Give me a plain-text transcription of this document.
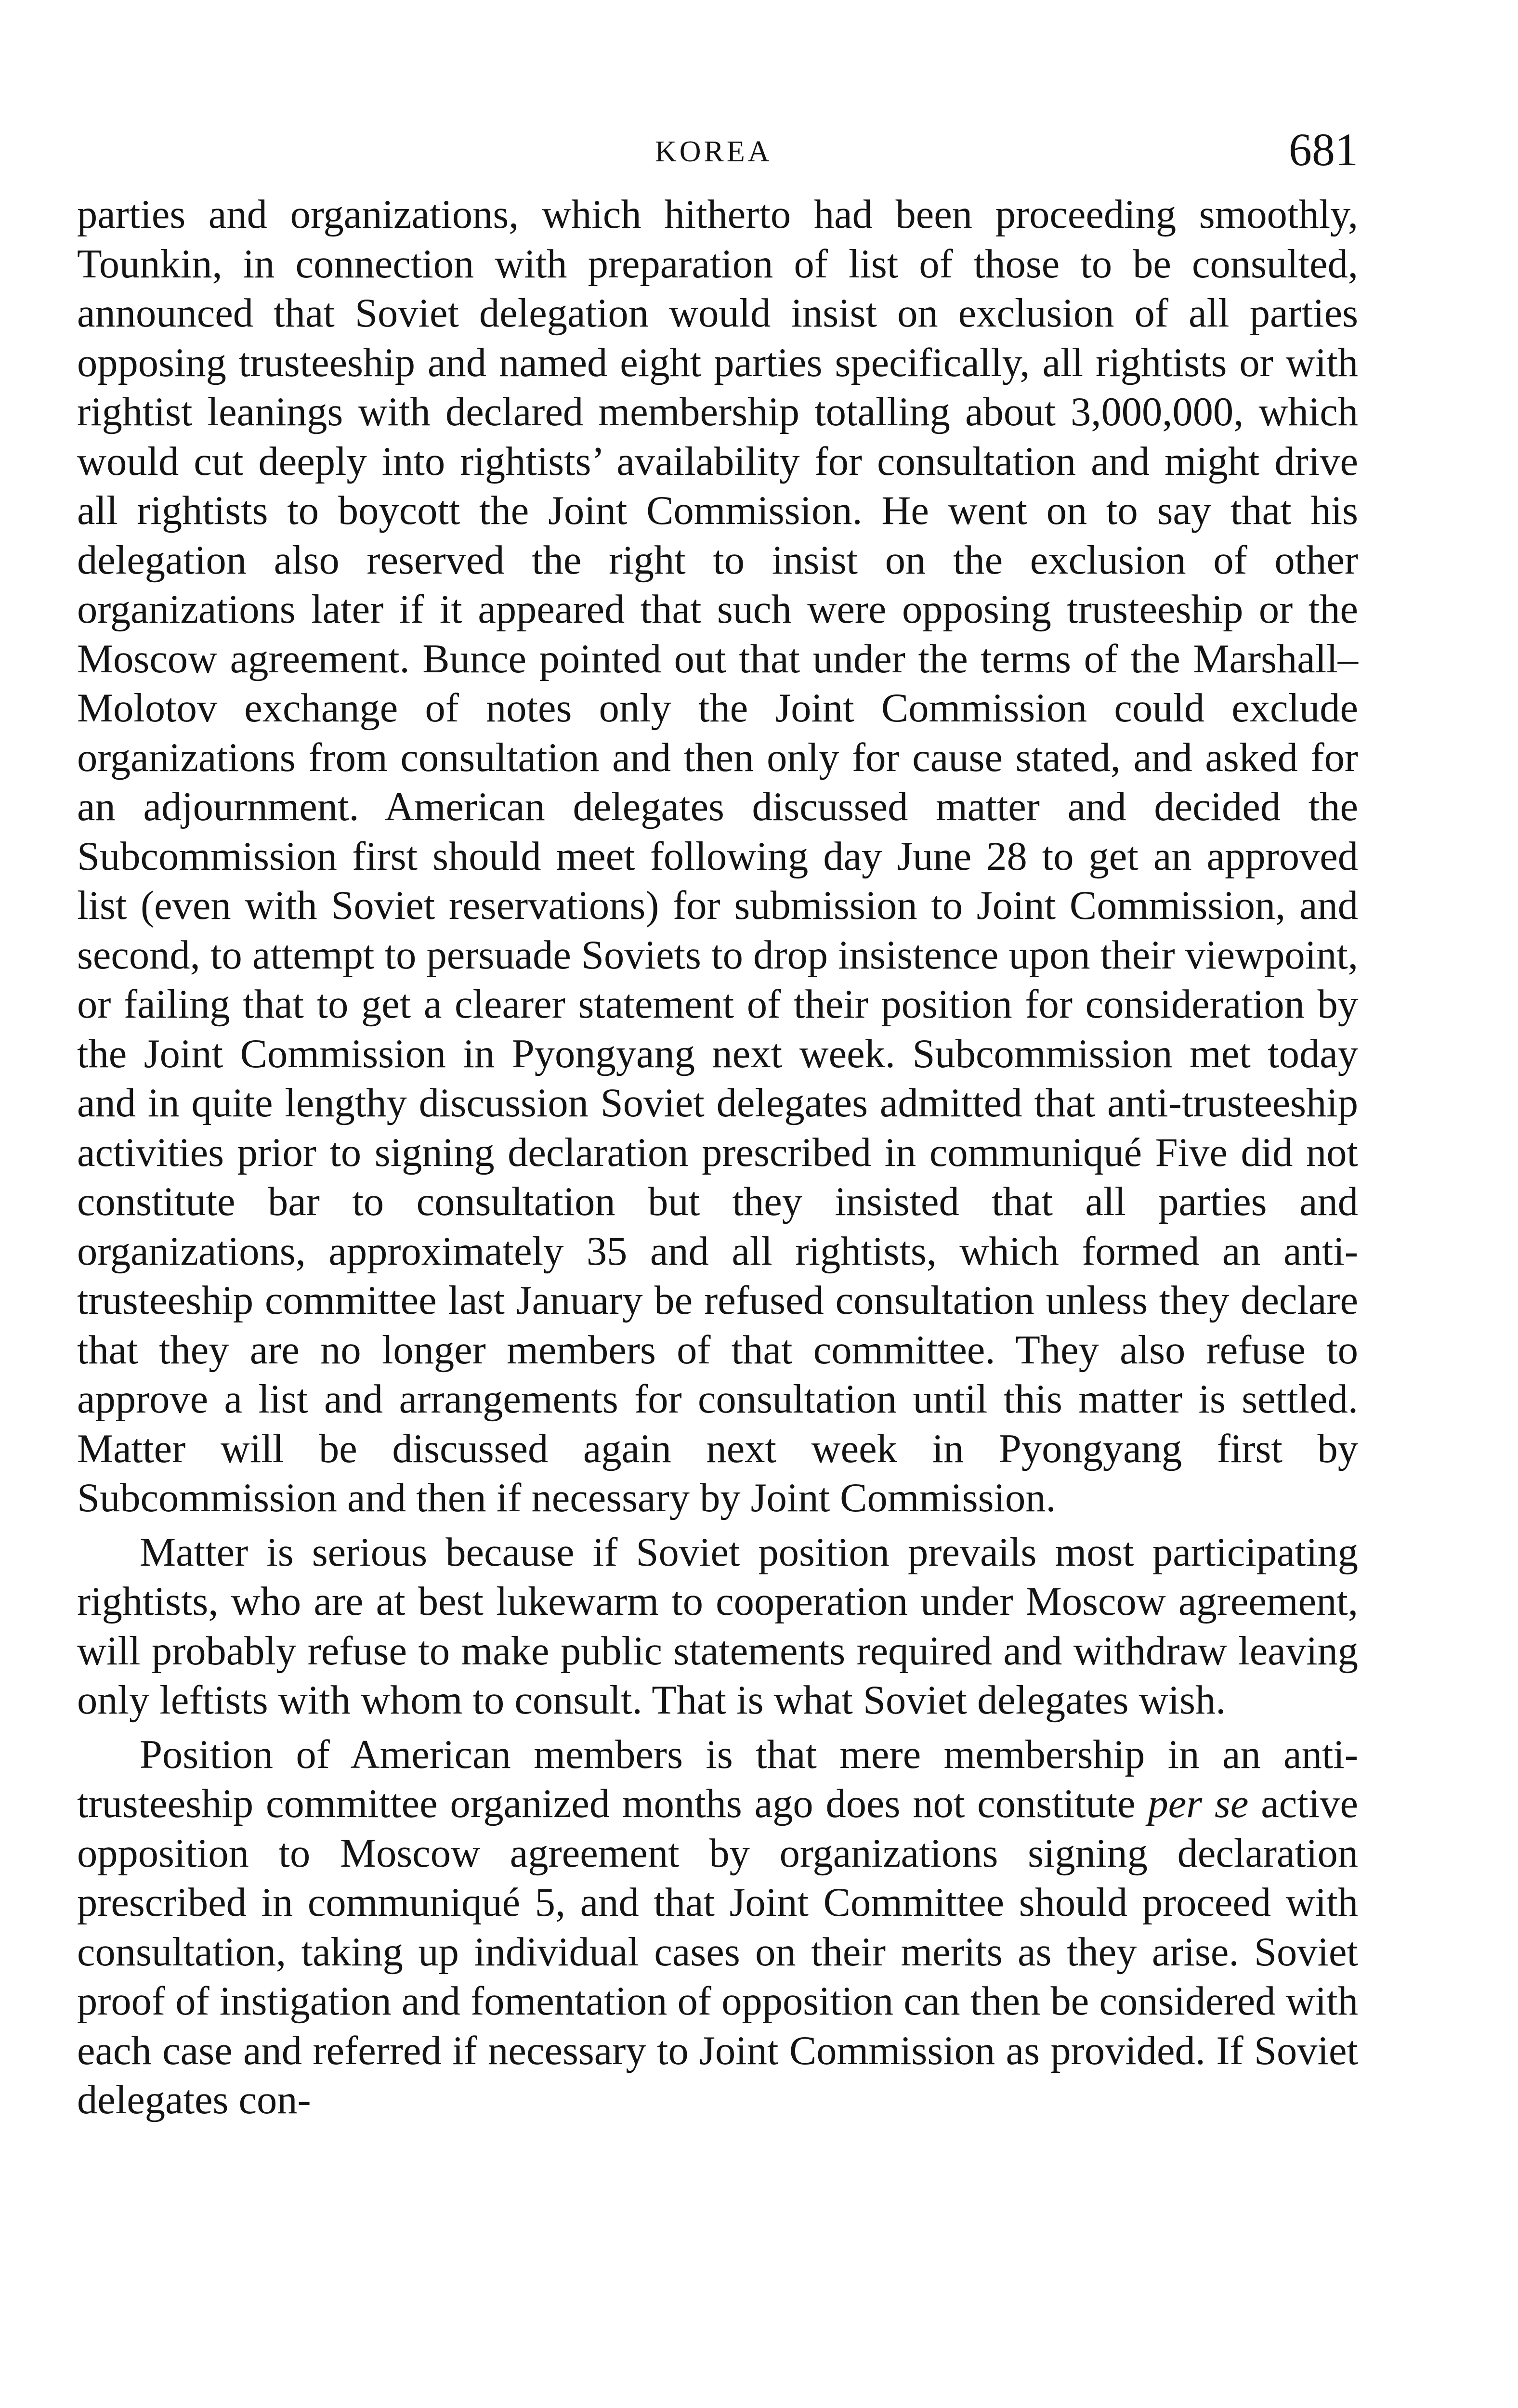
KOREA	681

parties and organizations, which hitherto had been proceeding smoothly, Tounkin, in connection with preparation of list of those to be consulted, announced that Soviet delegation would insist on exclusion of all parties opposing trusteeship and named eight parties specifically, all rightists or with rightist leanings with declared membership totalling about 3,000,000, which would cut deeply into rightists’ availability for consultation and might drive all rightists to boycott the Joint Commission. He went on to say that his delegation also reserved the right to insist on the exclusion of other organizations later if it appeared that such were opposing trusteeship or the Moscow agreement. Bunce pointed out that under the terms of the Marshall–Molotov exchange of notes only the Joint Commission could exclude organizations from consultation and then only for cause stated, and asked for an adjournment. American delegates discussed matter and decided the Subcommission first should meet following day June 28 to get an approved list (even with Soviet reservations) for submission to Joint Commission, and second, to attempt to persuade Soviets to drop insistence upon their viewpoint, or failing that to get a clearer statement of their position for consideration by the Joint Commission in Pyongyang next week. Subcommission met today and in quite lengthy discussion Soviet delegates admitted that anti-trusteeship activities prior to signing declaration prescribed in communiqué Five did not constitute bar to consultation but they insisted that all parties and organizations, approximately 35 and all rightists, which formed an anti-trusteeship committee last January be refused consultation unless they declare that they are no longer members of that committee. They also refuse to approve a list and arrangements for consultation until this matter is settled. Matter will be discussed again next week in Pyongyang first by Subcommission and then if necessary by Joint Commission.

Matter is serious because if Soviet position prevails most participating rightists, who are at best lukewarm to cooperation under Moscow agreement, will probably refuse to make public statements required and withdraw leaving only leftists with whom to consult. That is what Soviet delegates wish.

Position of American members is that mere membership in an anti-trusteeship committee organized months ago does not constitute per se active opposition to Moscow agreement by organizations signing declaration prescribed in communiqué 5, and that Joint Committee should proceed with consultation, taking up individual cases on their merits as they arise. Soviet proof of instigation and fomentation of opposition can then be considered with each case and referred if necessary to Joint Commission as provided. If Soviet delegates con-
